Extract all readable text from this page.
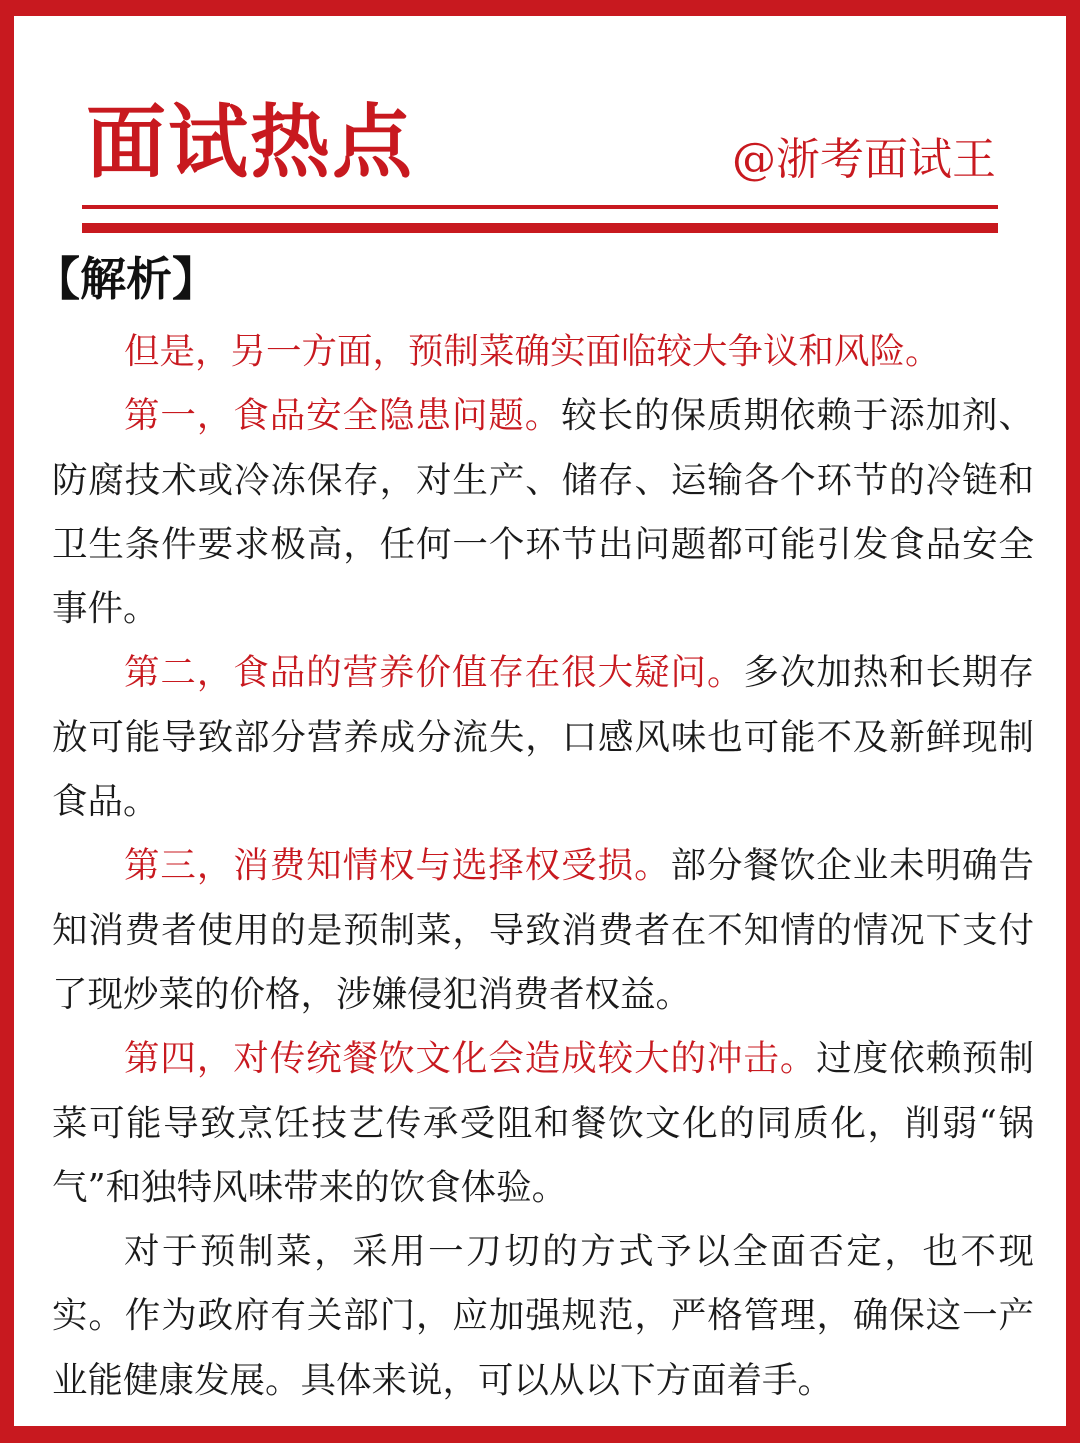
面试热点	@浙考面试王
【解析】

但是，另一方面，预制菜确实面临较大争议和风险。

第一，食品安全隐患问题。较长的保质期依赖于添加剂、防腐技术或冷冻保存，对生产、储存、运输各个环节的冷链和卫生条件要求极高，任何一个环节出问题都可能引发食品安全事件。

第二，食品的营养价值存在很大疑问。多次加热和长期存放可能导致部分营养成分流失，口感风味也可能不及新鲜现制食品。

第三，消费知情权与选择权受损。部分餐饮企业未明确告知消费者使用的是预制菜，导致消费者在不知情的情况下支付了现炒菜的价格，涉嫌侵犯消费者权益。

第四，对传统餐饮文化会造成较大的冲击。过度依赖预制菜可能导致烹饪技艺传承受阻和餐饮文化的同质化，削弱“锅气”和独特风味带来的饮食体验。

对于预制菜，采用一刀切的方式予以全面否定，也不现实。作为政府有关部门，应加强规范，严格管理，确保这一产业能健康发展。具体来说，可以从以下方面着手。
